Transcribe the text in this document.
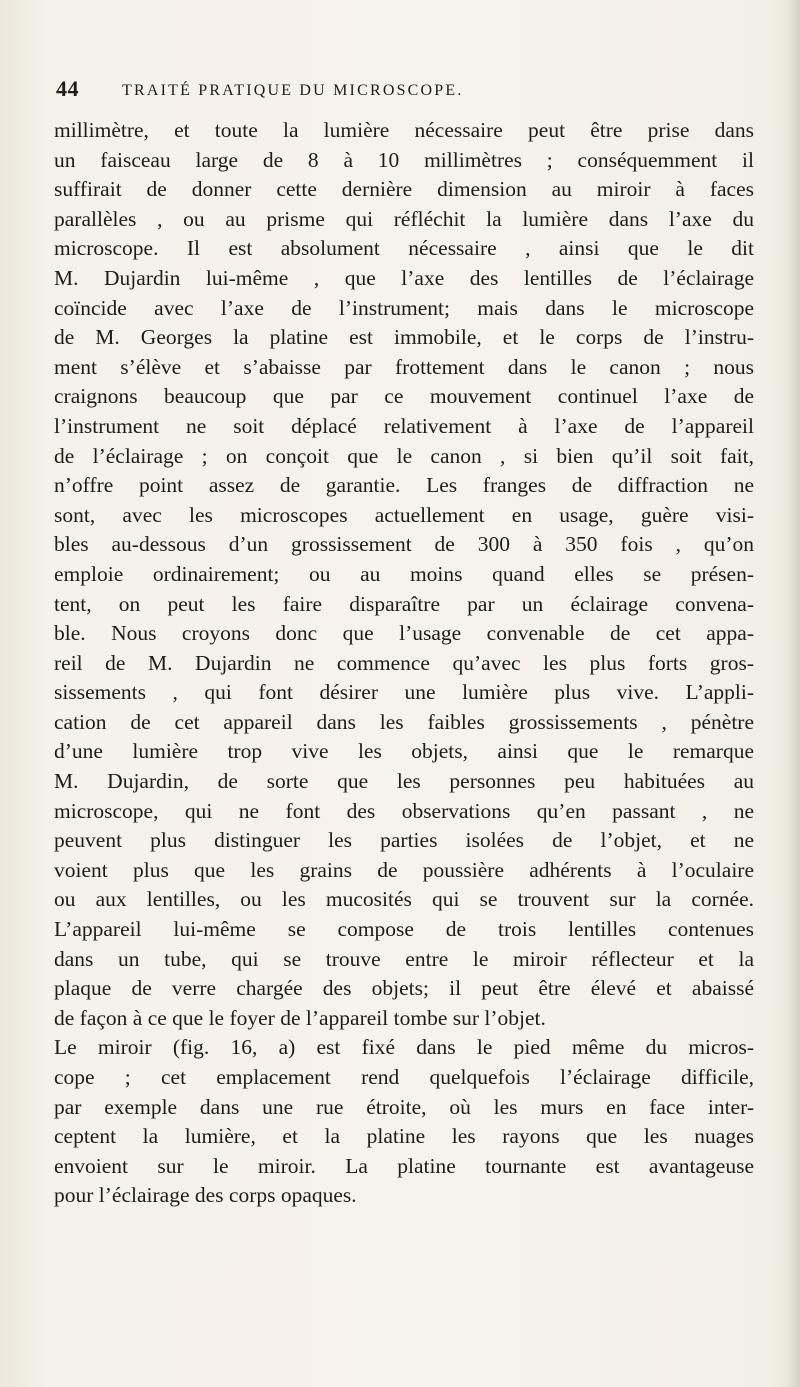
44	TRAITÉ PRATIQUE DU MICROSCOPE.
millimètre, et toute la lumière nécessaire peut être prise dans
un faisceau large de 8 à 10 millimètres ; conséquemment il
suffirait de donner cette dernière dimension au miroir à faces
parallèles , ou au prisme qui réfléchit la lumière dans l’axe du
microscope. Il est absolument nécessaire , ainsi que le dit
M. Dujardin lui-même , que l’axe des lentilles de l’éclairage
coïncide avec l’axe de l’instrument; mais dans le microscope
de M. Georges la platine est immobile, et le corps de l’instru-
ment s’élève et s’abaisse par frottement dans le canon ; nous
craignons beaucoup que par ce mouvement continuel l’axe de
l’instrument ne soit déplacé relativement à l’axe de l’appareil
de l’éclairage ; on conçoit que le canon , si bien qu’il soit fait,
n’offre point assez de garantie. Les franges de diffraction ne
sont, avec les microscopes actuellement en usage, guère visi-
bles au-dessous d’un grossissement de 300 à 350 fois , qu’on
emploie ordinairement; ou au moins quand elles se présen-
tent, on peut les faire disparaître par un éclairage convena-
ble. Nous croyons donc que l’usage convenable de cet appa-
reil de M. Dujardin ne commence qu’avec les plus forts gros-
sissements , qui font désirer une lumière plus vive. L’appli-
cation de cet appareil dans les faibles grossissements , pénètre
d’une lumière trop vive les objets, ainsi que le remarque
M. Dujardin, de sorte que les personnes peu habituées au
microscope, qui ne font des observations qu’en passant , ne
peuvent plus distinguer les parties isolées de l’objet, et ne
voient plus que les grains de poussière adhérents à l’oculaire
ou aux lentilles, ou les mucosités qui se trouvent sur la cornée.
L’appareil lui-même se compose de trois lentilles contenues
dans un tube, qui se trouve entre le miroir réflecteur et la
plaque de verre chargée des objets; il peut être élevé et abaissé
de façon à ce que le foyer de l’appareil tombe sur l’objet.
Le miroir (fig. 16, a) est fixé dans le pied même du micros-
cope ; cet emplacement rend quelquefois l’éclairage difficile,
par exemple dans une rue étroite, où les murs en face inter-
ceptent la lumière, et la platine les rayons que les nuages
envoient sur le miroir. La platine tournante est avantageuse
pour l’éclairage des corps opaques.
